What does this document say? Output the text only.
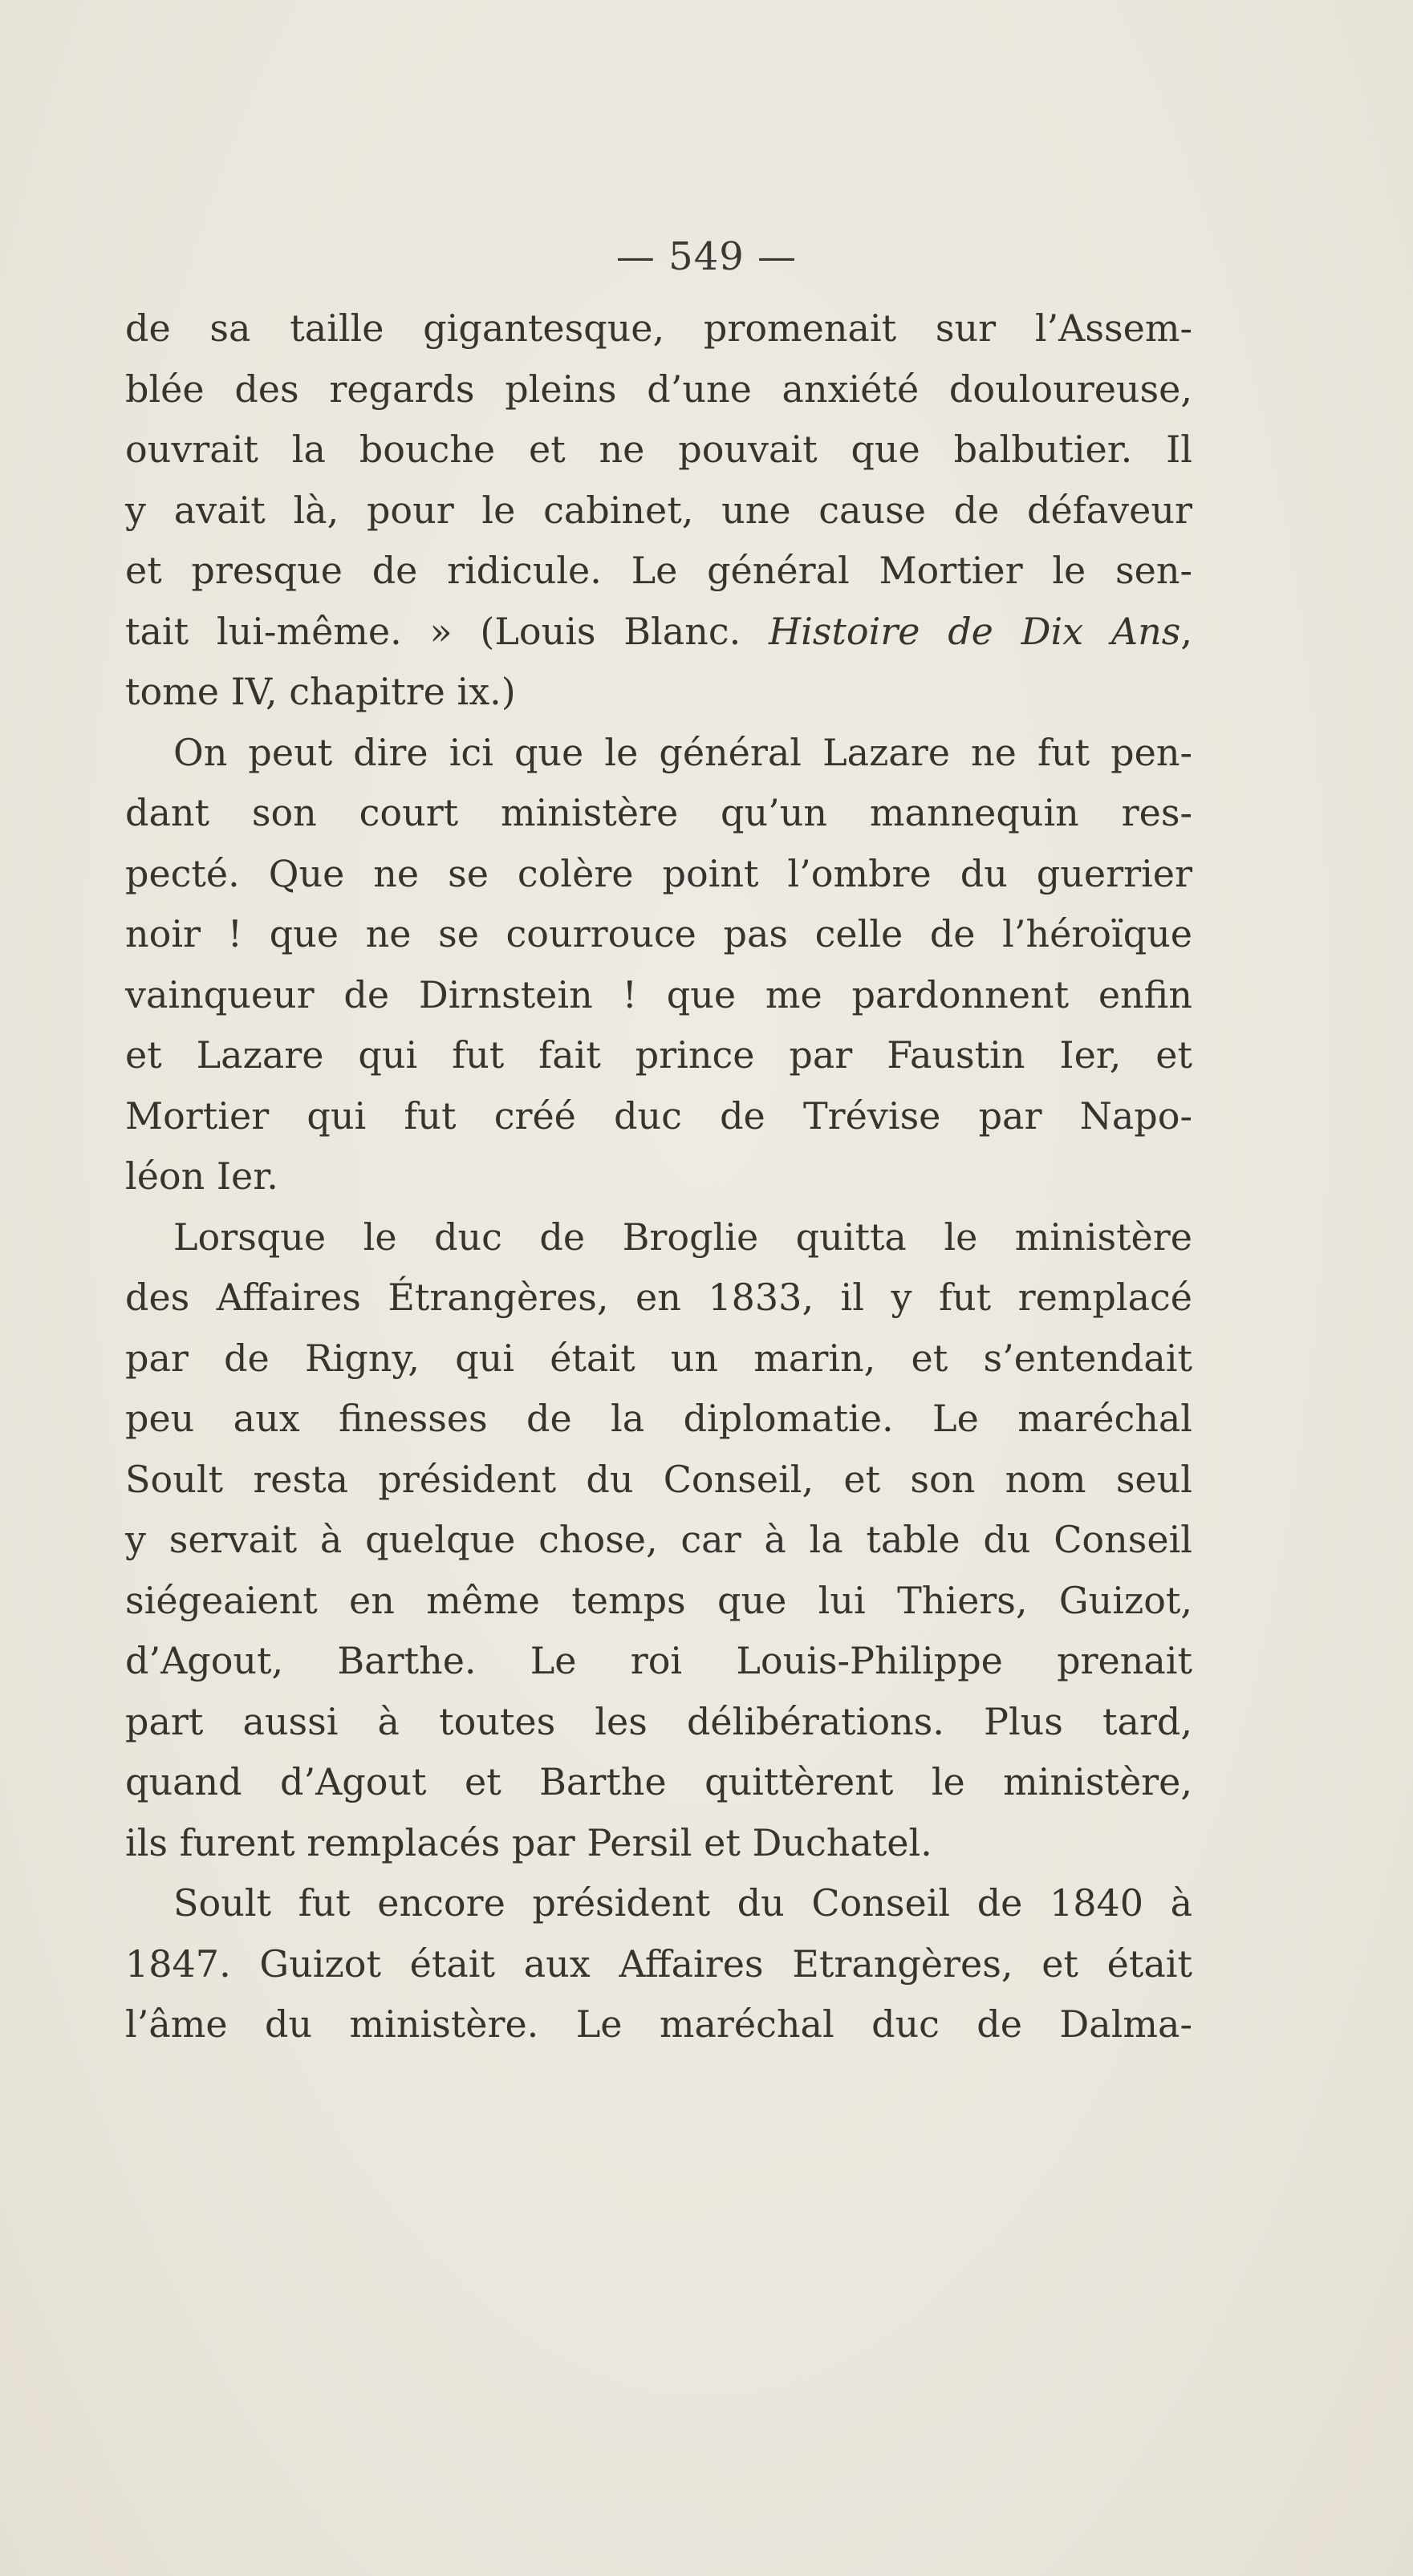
— 549 —
de sa taille gigantesque, promenait sur l’Assem-
blée des regards pleins d’une anxiété douloureuse,
ouvrait la bouche et ne pouvait que balbutier. Il
y avait là, pour le cabinet, une cause de défaveur
et presque de ridicule. Le général Mortier le sen-
tait lui-même. » (Louis Blanc. Histoire de Dix Ans,
tome IV, chapitre ix.)
On peut dire ici que le général Lazare ne fut pen-
dant son court ministère qu’un mannequin res-
pecté. Que ne se colère point l’ombre du guerrier
noir ! que ne se courrouce pas celle de l’héroïque
vainqueur de Dirnstein ! que me pardonnent enfin
et Lazare qui fut fait prince par Faustin Ier, et
Mortier qui fut créé duc de Trévise par Napo-
léon Ier.
Lorsque le duc de Broglie quitta le ministère
des Affaires Étrangères, en 1833, il y fut remplacé
par de Rigny, qui était un marin, et s’entendait
peu aux finesses de la diplomatie. Le maréchal
Soult resta président du Conseil, et son nom seul
y servait à quelque chose, car à la table du Conseil
siégeaient en même temps que lui Thiers, Guizot,
d’Agout, Barthe. Le roi Louis-Philippe prenait
part aussi à toutes les délibérations. Plus tard,
quand d’Agout et Barthe quittèrent le ministère,
ils furent remplacés par Persil et Duchatel.
Soult fut encore président du Conseil de 1840 à
1847. Guizot était aux Affaires Etrangères, et était
l’âme du ministère. Le maréchal duc de Dalma-
